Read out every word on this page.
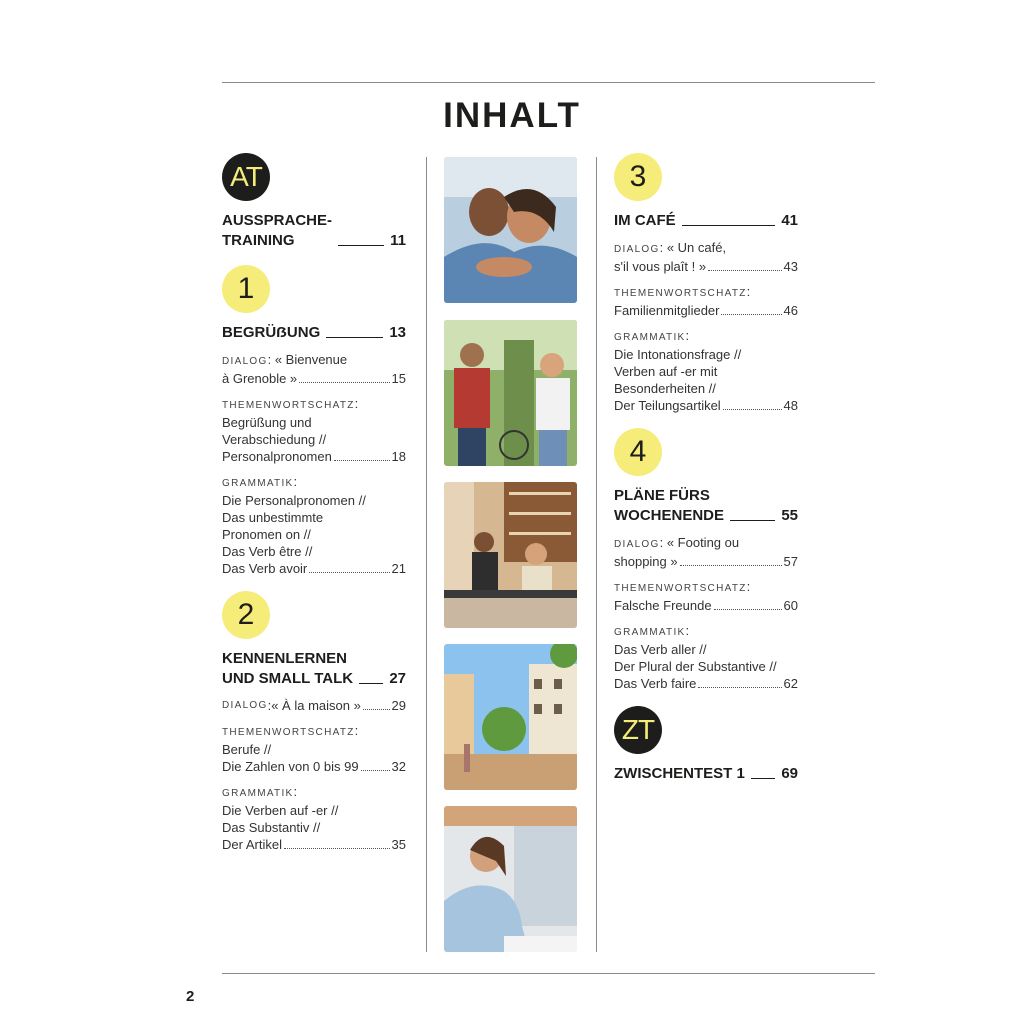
INHALT
AT
AUSSPRACHE-
TRAINING	11
1
BEGRÜẞUNG	13
DIALOG: « Bienvenue
à Grenoble »	15
THEMENWORTSCHATZ:
Begrüßung und
Verabschiedung //
Personalpronomen	18
GRAMMATIK:
Die Personalpronomen //
Das unbestimmte
Pronomen on //
Das Verb être //
Das Verb avoir	21
2
KENNENLERNEN
UND SMALL TALK 27
DIALOG : « À la maison » 29
THEMENWORTSCHATZ:
Berufe //
Die Zahlen von 0 bis 99	32
GRAMMATIK:
Die Verben auf -er //
Das Substantiv //
Der Artikel	35
3
IM CAFÉ	41
DIALOG: « Un café,
s'il vous plaît ! »	43
THEMENWORTSCHATZ:
Familienmitglieder	46
GRAMMATIK:
Die Intonationsfrage //
Verben auf -er mit
Besonderheiten //
Der Teilungsartikel	48
4
PLÄNE FÜRS
WOCHENENDE	55
DIALOG: « Footing ou
shopping »	57
THEMENWORTSCHATZ:
Falsche Freunde	60
GRAMMATIK:
Das Verb aller //
Der Plural der Substantive //
Das Verb faire	62
ZT
ZWISCHENTEST 1 69
2
